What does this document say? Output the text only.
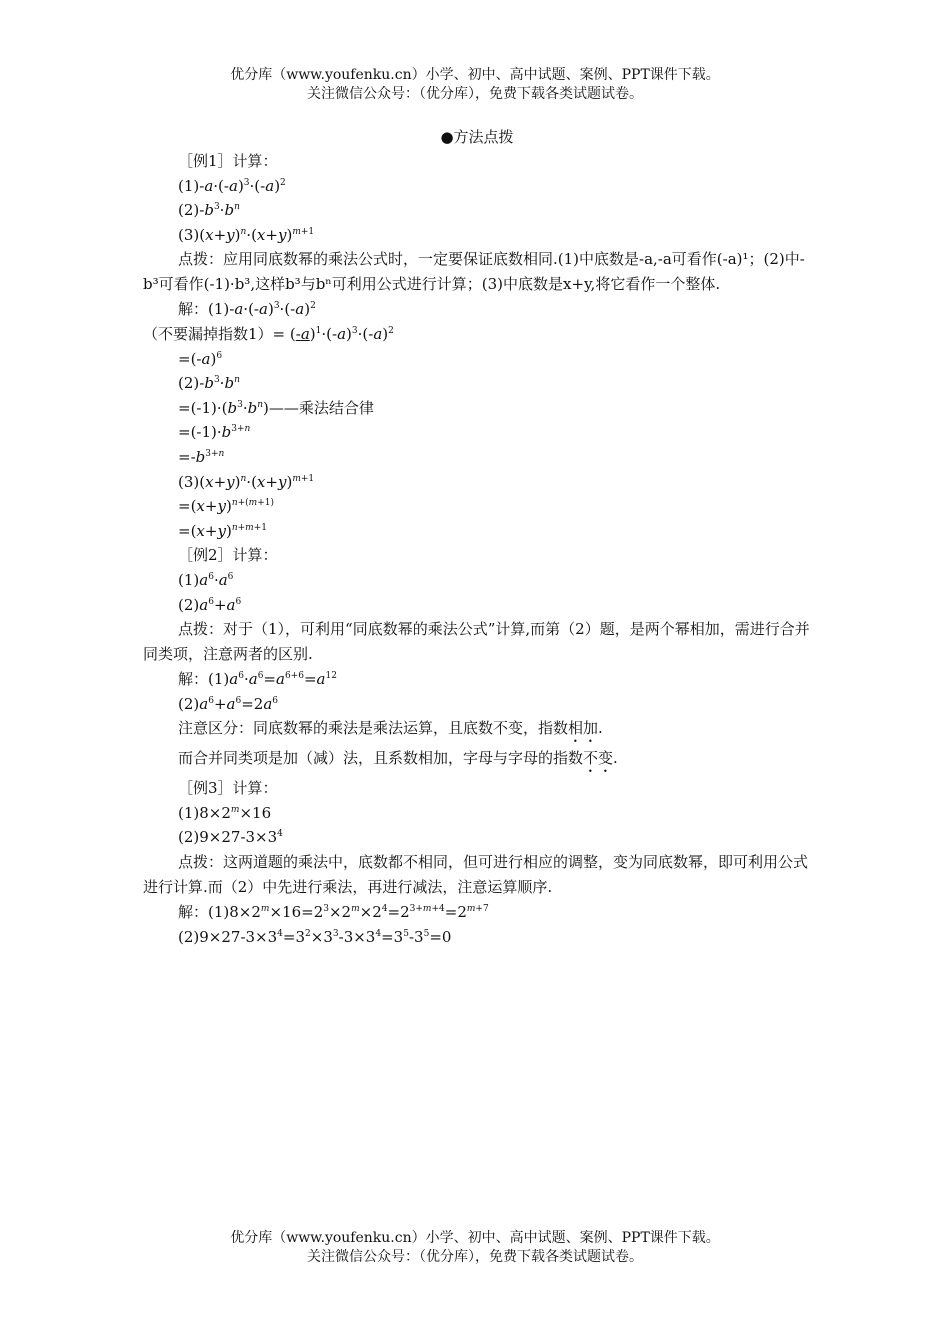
优分库（www.youfenku.cn）小学、初中、高中试题、案例、PPT课件下载。
关注微信公众号：（优分库），免费下载各类试题试卷。
●方法点拨
［例1］计算：
$(1)-a\cdot(-a)^3\cdot(-a)^2$
$(2)-b^3\cdot b^n$
$(3)(x+y)^n\cdot(x+y)^{m+1}$
点拨：应用同底数幂的乘法公式时，一定要保证底数相同.(1)中底数是-a,-a可看作(-a)¹；(2)中-b³可看作(-1)·b³,这样b³与bⁿ可利用公式进行计算；(3)中底数是x+y,将它看作一个整体.
解：$(1)-a\cdot(-a)^3\cdot(-a)^2$
（不要漏掉指数$1)= (-a)^1\cdot(-a)^3\cdot(-a)^2$
$=(-a)^6$
$(2)-b^3\cdot b^n$
$=(-1)\cdot(b^3\cdot b^n)——$乘法结合律
$=(-1)\cdot b^{3+n}$
$=-b^{3+n}$
$(3)(x+y)^n\cdot(x+y)^{m+1}$
$=(x+y)^{n+(m+1)}$
$=(x+y)^{n+m+1}$
［例2］计算：
$(1)a^6\cdot a^6$
$(2)a^6+a^6$
点拨：对于（1），可利用“同底数幂的乘法公式”计算,而第（2）题，是两个幂相加，需进行合并同类项，注意两者的区别.
解：$(1)a^6\cdot a^6=a^{6+6}=a^{12}$
$(2)a^6+a^6=2a^6$
注意区分：同底数幂的乘法是乘法运算，且底数不变，指数相加.
而合并同类项是加（减）法，且系数相加，字母与字母的指数不变.
［例3］计算：
$(1)8\times 2^m\times 16$
$(2)9\times 27-3\times 3^4$
点拨：这两道题的乘法中，底数都不相同，但可进行相应的调整，变为同底数幂，即可利用公式进行计算.而（2）中先进行乘法，再进行减法，注意运算顺序.
解：$(1)8\times 2^m\times 16=2^3\times 2^m\times 2^4=2^{3+m+4}=2^{m+7}$
$(2)9\times 27-3\times 3^4=3^2\times 3^3-3\times 3^4=3^5-3^5=0$
优分库（www.youfenku.cn）小学、初中、高中试题、案例、PPT课件下载。
关注微信公众号：（优分库），免费下载各类试题试卷。
